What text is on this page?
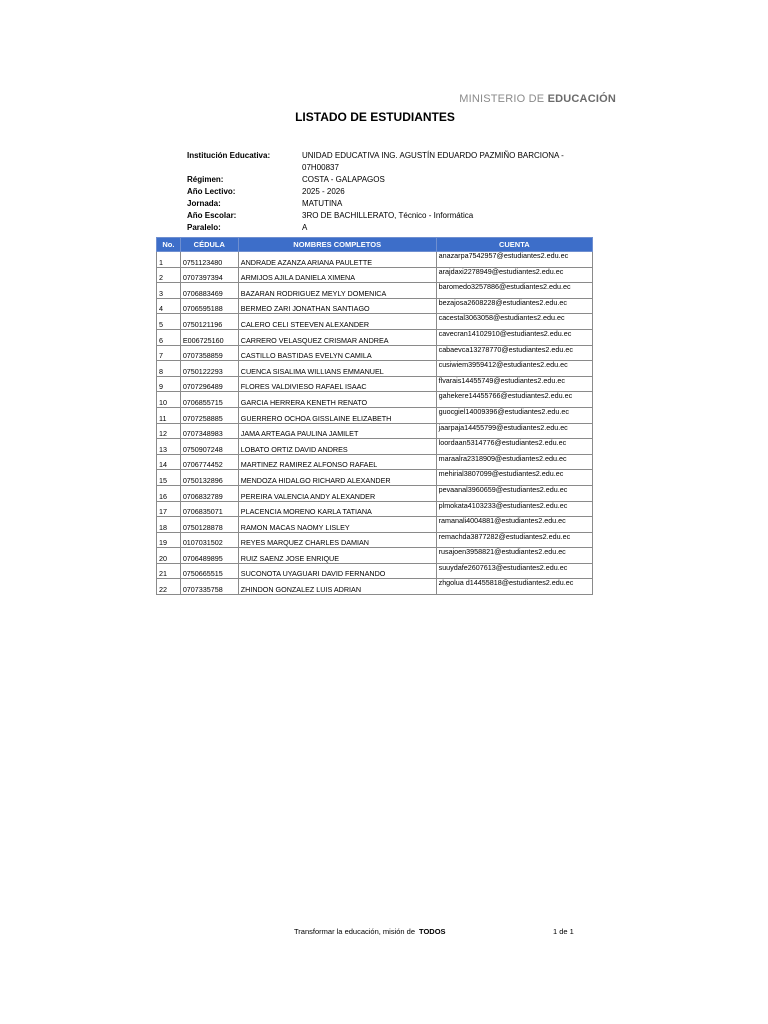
MINISTERIO DE EDUCACIÓN
LISTADO DE ESTUDIANTES
Institución Educativa:	UNIDAD EDUCATIVA ING. AGUSTÍN EDUARDO PAZMIÑO BARCIONA - 07H00837
Régimen:	COSTA - GALAPAGOS
Año Lectivo:	2025 - 2026
Jornada:	MATUTINA
Año Escolar:	3RO DE BACHILLERATO, Técnico - Informática
Paralelo:	A
No.	CÉDULA	NOMBRES COMPLETOS	CUENTA
1	0751123480	ANDRADE AZANZA ARIANA PAULETTE	anazarpa7542957@estudiantes2.edu.ec
2	0707397394	ARMIJOS AJILA DANIELA XIMENA	arajdaxi2278949@estudiantes2.edu.ec
3	0706883469	BAZARAN RODRIGUEZ MEYLY DOMENICA	baromedo3257886@estudiantes2.edu.ec
4	0706595188	BERMEO ZARI JONATHAN SANTIAGO	bezajosa2608228@estudiantes2.edu.ec
5	0750121196	CALERO CELI STEEVEN ALEXANDER	cacestal3063058@estudiantes2.edu.ec
6	E006725160	CARRERO VELASQUEZ CRISMAR ANDREA	cavecran14102910@estudiantes2.edu.ec
7	0707358859	CASTILLO BASTIDAS EVELYN CAMILA	cabaevca13278770@estudiantes2.edu.ec
8	0750122293	CUENCA SISALIMA WILLIANS EMMANUEL	cusiwiem3959412@estudiantes2.edu.ec
9	0707296489	FLORES VALDIVIESO RAFAEL ISAAC	flvarais14455749@estudiantes2.edu.ec
10	0706855715	GARCIA HERRERA KENETH RENATO	gahekere14455766@estudiantes2.edu.ec
11	0707258885	GUERRERO OCHOA GISSLAINE ELIZABETH	guocgiel14009396@estudiantes2.edu.ec
12	0707348983	JAMA ARTEAGA PAULINA JAMILET	jaarpaja14455799@estudiantes2.edu.ec
13	0750907248	LOBATO ORTIZ DAVID ANDRES	loordaan5314776@estudiantes2.edu.ec
14	0706774452	MARTINEZ RAMIREZ ALFONSO RAFAEL	maraalra2318909@estudiantes2.edu.ec
15	0750132896	MENDOZA HIDALGO RICHARD ALEXANDER	mehirial3807099@estudiantes2.edu.ec
16	0706832789	PEREIRA VALENCIA ANDY ALEXANDER	pevaanal3960659@estudiantes2.edu.ec
17	0706835071	PLACENCIA MORENO KARLA TATIANA	plmokata4103233@estudiantes2.edu.ec
18	0750128878	RAMON MACAS NAOMY LISLEY	ramanali4004881@estudiantes2.edu.ec
19	0107031502	REYES MARQUEZ CHARLES DAMIAN	remachda3877282@estudiantes2.edu.ec
20	0706489895	RUIZ SAENZ JOSE ENRIQUE	rusajoen3958821@estudiantes2.edu.ec
21	0750665515	SUCONOTA UYAGUARI DAVID FERNANDO	suuydafe2607613@estudiantes2.edu.ec
22	0707335758	ZHINDON GONZALEZ LUIS ADRIAN	zhgolua d14455818@estudiantes2.edu.ec
Transformar la educación, misión de TODOS	1 de 1
